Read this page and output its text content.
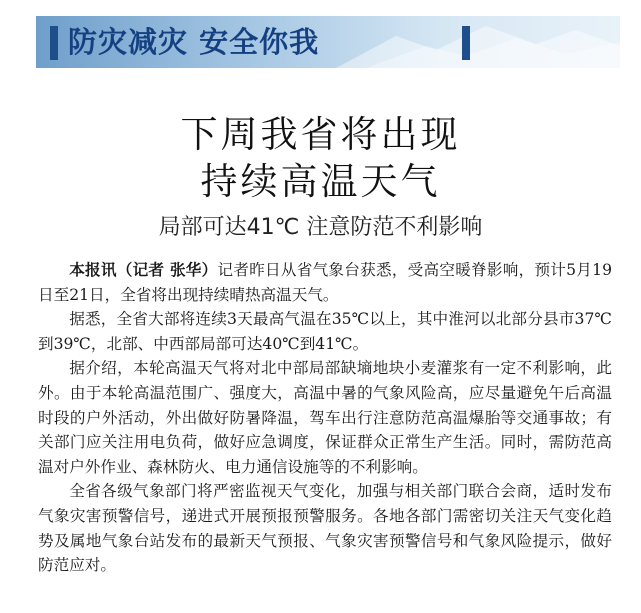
防灾减灾 安全你我
下周我省将出现
持续高温天气
局部可达41℃ 注意防范不利影响

本报讯（记者 张华）记者昨日从省气象台获悉，受高空暖脊影响，预计5月19日至21日，全省将出现持续晴热高温天气。

据悉，全省大部将连续3天最高气温在35℃以上，其中淮河以北部分县市37℃到39℃，北部、中西部局部可达40℃到41℃。

据介绍，本轮高温天气将对北中部局部缺墒地块小麦灌浆有一定不利影响，此外。由于本轮高温范围广、强度大，高温中暑的气象风险高，应尽量避免午后高温时段的户外活动，外出做好防暑降温，驾车出行注意防范高温爆胎等交通事故；有关部门应关注用电负荷，做好应急调度，保证群众正常生产生活。同时，需防范高温对户外作业、森林防火、电力通信设施等的不利影响。

全省各级气象部门将严密监视天气变化，加强与相关部门联合会商，适时发布气象灾害预警信号，递进式开展预报预警服务。各地各部门需密切关注天气变化趋势及属地气象台站发布的最新天气预报、气象灾害预警信号和气象风险提示，做好防范应对。
